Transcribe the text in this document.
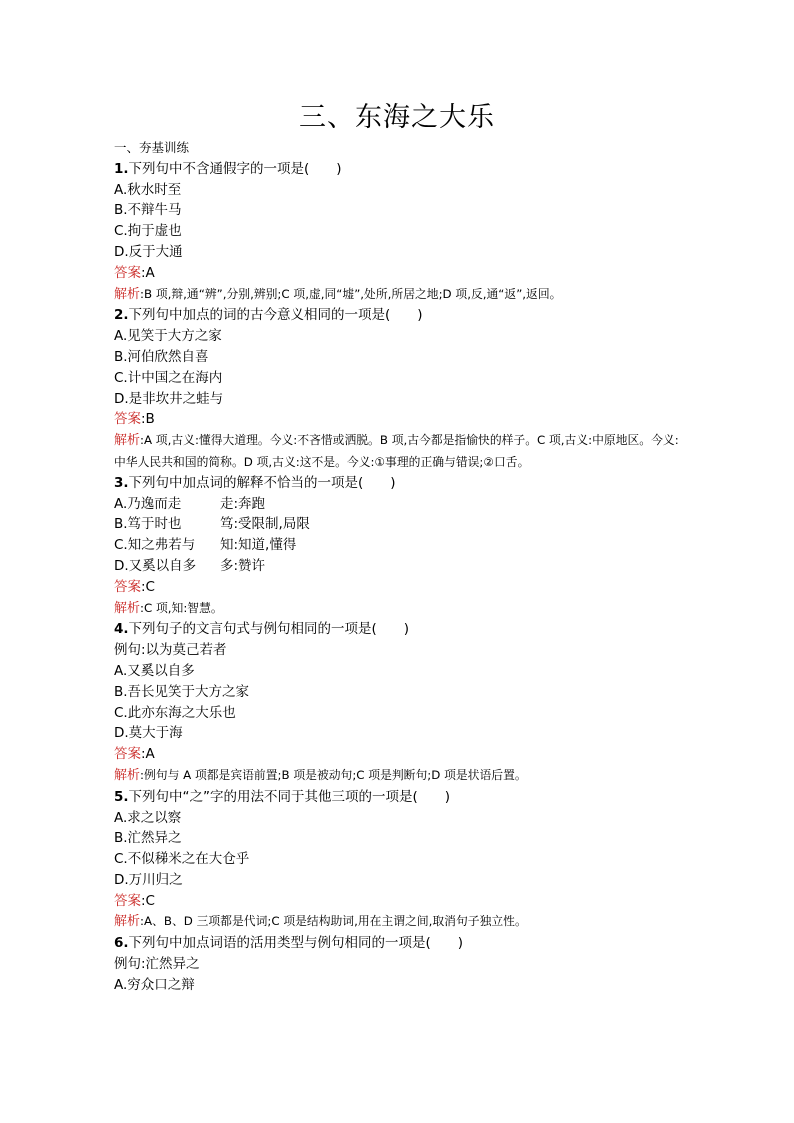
三、东海之大乐
一、夯基训练
1.下列句中不含通假字的一项是(　　)
A.秋水时至
B.不辩牛马
C.拘于虚也
D.反于大通
答案:A
解析:B 项,辩,通“辨”,分别,辨别;C 项,虚,同“墟”,处所,所居之地;D 项,反,通“返”,返回。
2.下列句中加点的词的古今意义相同的一项是(　　)
A.见笑于大方之家
B.河伯欣然自喜
C.计中国之在海内
D.是非坎井之蛙与
答案:B
解析:A 项,古义:懂得大道理。今义:不吝惜或洒脱。B 项,古今都是指愉快的样子。C 项,古义:中原地区。今义:中华人民共和国的简称。D 项,古义:这不是。今义:①事理的正确与错误;②口舌。
3.下列句中加点词的解释不恰当的一项是(　　)
A.乃逸而走	走:奔跑
B.笃于时也	笃:受限制,局限
C.知之弗若与 知:知道,懂得
D.又奚以自多 多:赞许
答案:C
解析:C 项,知:智慧。
4.下列句子的文言句式与例句相同的一项是(　　)
例句:以为莫己若者
A.又奚以自多
B.吾长见笑于大方之家
C.此亦东海之大乐也
D.莫大于海
答案:A
解析:例句与 A 项都是宾语前置;B 项是被动句;C 项是判断句;D 项是状语后置。
5.下列句中“之”字的用法不同于其他三项的一项是(　　)
A.求之以察
B.汒然异之
C.不似稊米之在大仓乎
D.万川归之
答案:C
解析:A、B、D 三项都是代词;C 项是结构助词,用在主谓之间,取消句子独立性。
6.下列句中加点词语的活用类型与例句相同的一项是(　　)
例句:汒然异之
A.穷众口之辩
